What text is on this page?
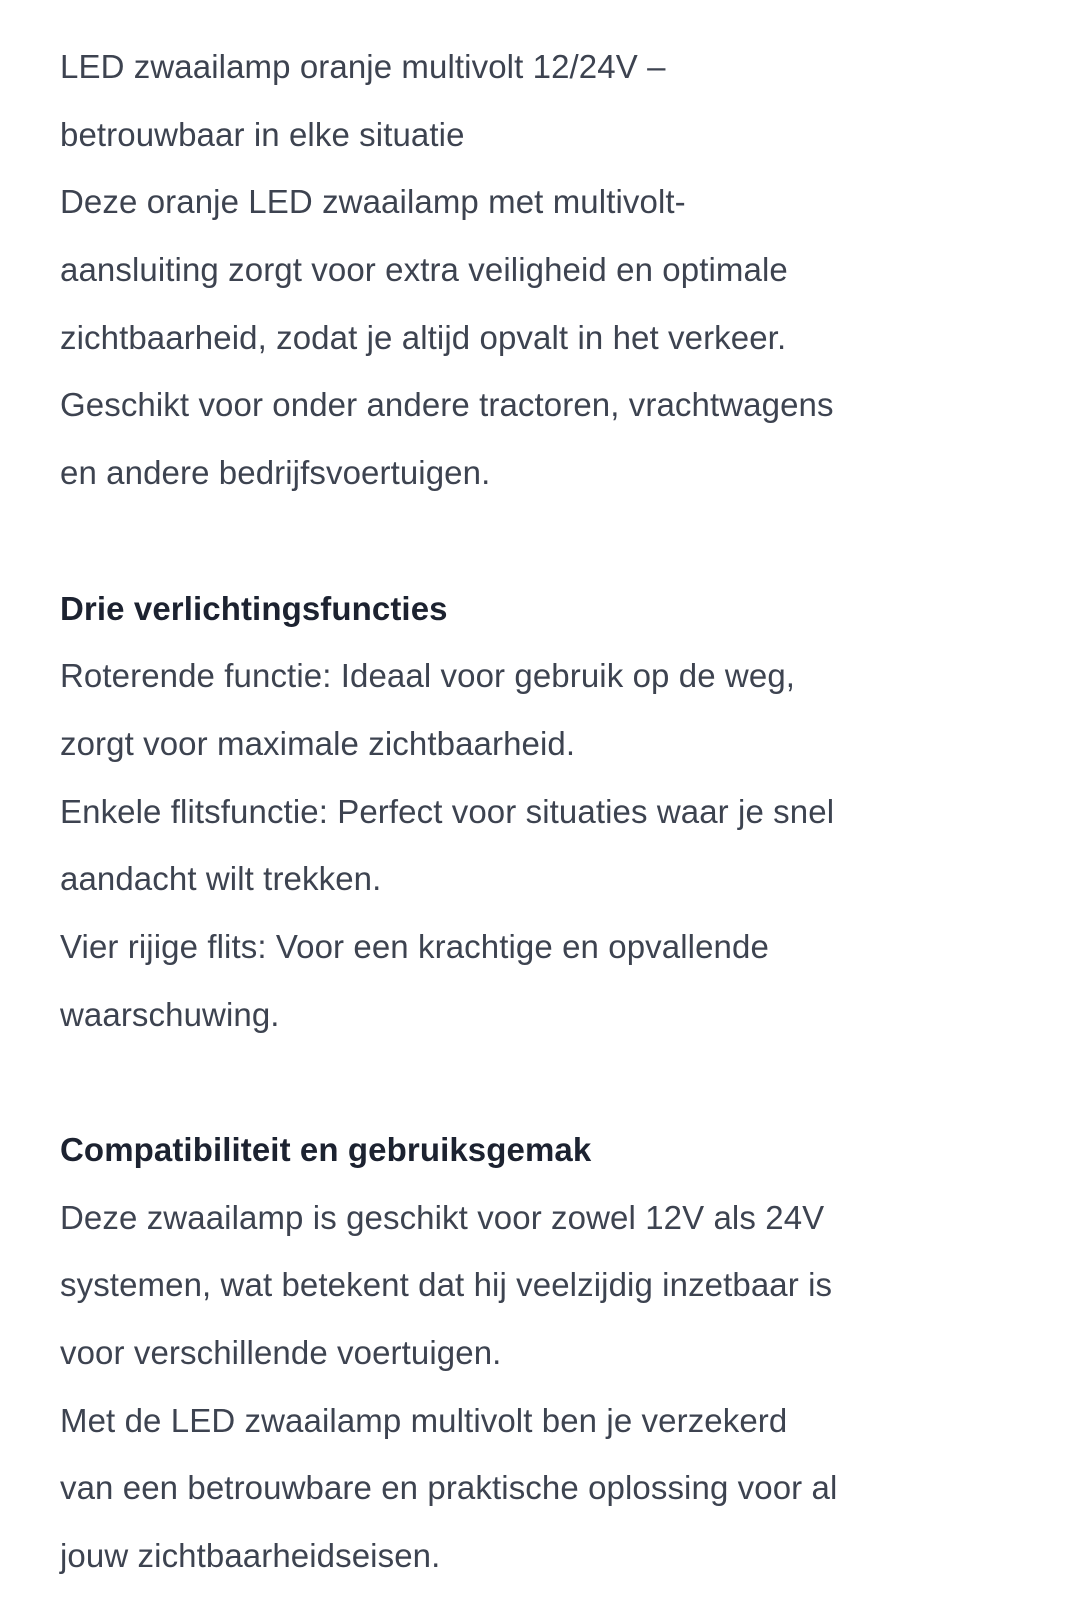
LED zwaailamp oranje multivolt 12/24V –
betrouwbaar in elke situatie
Deze oranje LED zwaailamp met multivolt-
aansluiting zorgt voor extra veiligheid en optimale
zichtbaarheid, zodat je altijd opvalt in het verkeer.
Geschikt voor onder andere tractoren, vrachtwagens
en andere bedrijfsvoertuigen.
Drie verlichtingsfuncties
Roterende functie: Ideaal voor gebruik op de weg,
zorgt voor maximale zichtbaarheid.
Enkele flitsfunctie: Perfect voor situaties waar je snel
aandacht wilt trekken.
Vier rijige flits: Voor een krachtige en opvallende
waarschuwing.
Compatibiliteit en gebruiksgemak
Deze zwaailamp is geschikt voor zowel 12V als 24V
systemen, wat betekent dat hij veelzijdig inzetbaar is
voor verschillende voertuigen.
Met de LED zwaailamp multivolt ben je verzekerd
van een betrouwbare en praktische oplossing voor al
jouw zichtbaarheidseisen.
